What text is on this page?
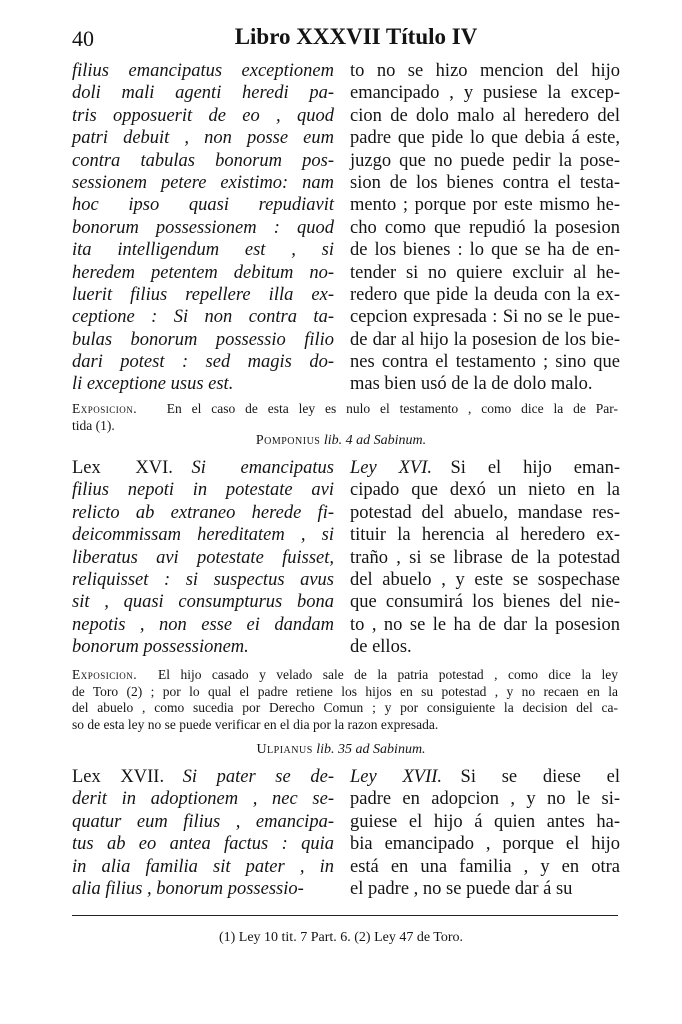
40	Libro XXXVII Título IV
filius emancipatus exceptionem
doli mali agenti heredi pa-
tris opposuerit de eo , quod
patri debuit , non posse eum
contra tabulas bonorum pos-
sessionem petere existimo: nam
hoc ipso quasi repudiavit
bonorum possessionem : quod
ita intelligendum est , si
heredem petentem debitum no-
luerit filius repellere illa ex-
ceptione : Si non contra ta-
bulas bonorum possessio filio
dari potest : sed magis do-
li exceptione usus est.
to no se hizo mencion del hijo
emancipado , y pusiese la excep-
cion de dolo malo al heredero del
padre que pide lo que debia á este,
juzgo que no puede pedir la pose-
sion de los bienes contra el testa-
mento ; porque por este mismo he-
cho como que repudió la posesion
de los bienes : lo que se ha de en-
tender si no quiere excluir al he-
redero que pide la deuda con la ex-
cepcion expresada : Si no se le pue-
de dar al hijo la posesion de los bie-
nes contra el testamento ; sino que
mas bien usó de la de dolo malo.
Exposicion. En el caso de esta ley es nulo el testamento , como dice la de Par-
tida (1).
Pomponius lib. 4 ad Sabinum.
Lex XVI.  Si emancipatus
filius nepoti in potestate avi
relicto ab extraneo herede fi-
deicommissam hereditatem , si
liberatus avi potestate fuisset,
reliquisset : si suspectus avus
sit , quasi consumpturus bona
nepotis , non esse ei dandam
bonorum possessionem.
Ley XVI.  Si el hijo eman-
cipado que dexó un nieto en la
potestad del abuelo, mandase res-
tituir la herencia al heredero ex-
traño , si se librase de la potestad
del abuelo , y este se sospechase
que consumirá los bienes del nie-
to , no se le ha de dar la posesion
de ellos.
Exposicion. El hijo casado y velado sale de la patria potestad , como dice la ley
de Toro (2) ; por lo qual el padre retiene los hijos en su potestad , y no recaen en la
del abuelo , como sucedia por Derecho Comun ; y por consiguiente la decision del ca-
so de esta ley no se puede verificar en el dia por la razon expresada.
Ulpianus lib. 35 ad Sabinum.
Lex XVII.  Si pater se de-
derit in adoptionem , nec se-
quatur eum filius , emancipa-
tus ab eo antea factus : quia
in alia familia sit pater , in
alia filius , bonorum possessio-
Ley XVII.  Si se diese el
padre en adopcion , y no le si-
guiese el hijo á quien antes ha-
bia emancipado , porque el hijo
está en una familia , y en otra
el padre , no se puede dar á su
(1) Ley 10 tit. 7 Part. 6. (2) Ley 47 de Toro.
